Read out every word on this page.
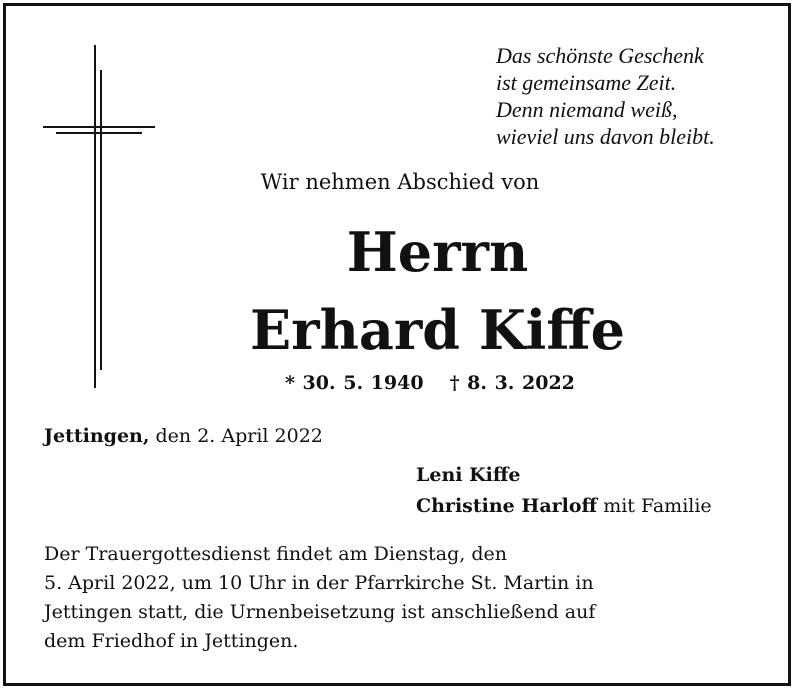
Das schönste Geschenk
ist gemeinsame Zeit.
Denn niemand weiß,
wieviel uns davon bleibt.
Wir nehmen Abschied von
Herrn
Erhard Kiffe
* 30. 5. 1940 † 8. 3. 2022
Jettingen, den 2. April 2022
Leni Kiffe
Christine Harloff mit Familie
Der Trauergottesdienst findet am Dienstag, den
5. April 2022, um 10 Uhr in der Pfarrkirche St. Martin in
Jettingen statt, die Urnenbeisetzung ist anschließend auf
dem Friedhof in Jettingen.
